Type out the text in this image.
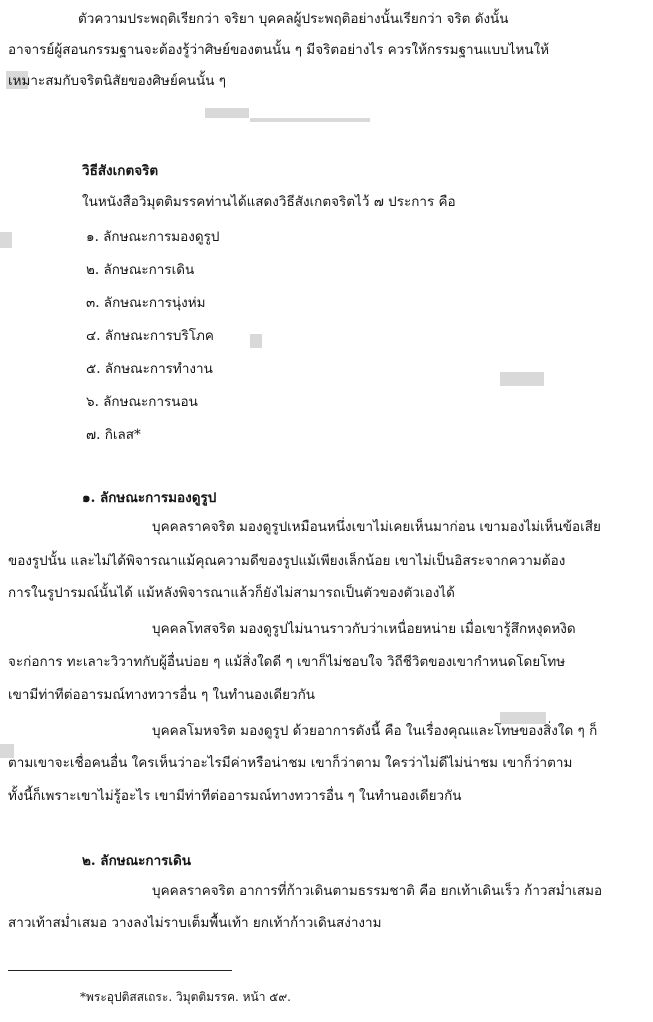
ตัวความประพฤติเรียกว่า จริยา บุคคลผู้ประพฤติอย่างนั้นเรียกว่า จริต ดังนั้น
อาจารย์ผู้สอนกรรมฐานจะต้องรู้ว่าศิษย์ของตนนั้น ๆ มีจริตอย่างไร ควรให้กรรมฐานแบบไหนให้
เหมาะสมกับจริตนิสัยของศิษย์คนนั้น ๆ
วิธีสังเกตจริต
ในหนังสือวิมุตติมรรคท่านได้แสดงวิธีสังเกตจริตไว้ ๗ ประการ คือ
๑. ลักษณะการมองดูรูป
๒. ลักษณะการเดิน
๓. ลักษณะการนุ่งห่ม
๔. ลักษณะการบริโภค
๕. ลักษณะการทำงาน
๖. ลักษณะการนอน
๗. กิเลส*
๑. ลักษณะการมองดูรูป
บุคคลราคจริต มองดูรูปเหมือนหนึ่งเขาไม่เคยเห็นมาก่อน เขามองไม่เห็นข้อเสีย
ของรูปนั้น และไม่ได้พิจารณาแม้คุณความดีของรูปแม้เพียงเล็กน้อย เขาไม่เป็นอิสระจากความต้อง
การในรูปารมณ์นั้นได้ แม้หลังพิจารณาแล้วก็ยังไม่สามารถเป็นตัวของตัวเองได้
บุคคลโทสจริต มองดูรูปไม่นานราวกับว่าเหนื่อยหน่าย เมื่อเขารู้สึกหงุดหงิด
จะก่อการ ทะเลาะวิวาทกับผู้อื่นบ่อย ๆ แม้สิ่งใดดี ๆ เขาก็ไม่ชอบใจ วิถีชีวิตของเขากำหนดโดยโทษ
เขามีท่าทีต่ออารมณ์ทางทวารอื่น ๆ ในทำนองเดียวกัน
บุคคลโมหจริต มองดูรูป ด้วยอาการดังนี้ คือ ในเรื่องคุณและโทษของสิ่งใด ๆ ก็
ตามเขาจะเชื่อคนอื่น ใครเห็นว่าอะไรมีค่าหรือน่าชม เขาก็ว่าตาม ใครว่าไม่ดีไม่น่าชม เขาก็ว่าตาม
ทั้งนี้ก็เพราะเขาไม่รู้อะไร เขามีท่าทีต่ออารมณ์ทางทวารอื่น ๆ ในทำนองเดียวกัน
๒. ลักษณะการเดิน
บุคคลราคจริต อาการที่ก้าวเดินตามธรรมชาติ คือ ยกเท้าเดินเร็ว ก้าวสม่ำเสมอ
สาวเท้าสม่ำเสมอ วางลงไม่ราบเต็มพื้นเท้า ยกเท้าก้าวเดินสง่างาม
*พระอุปติสสเถระ. วิมุตติมรรค. หน้า ๕๙.
